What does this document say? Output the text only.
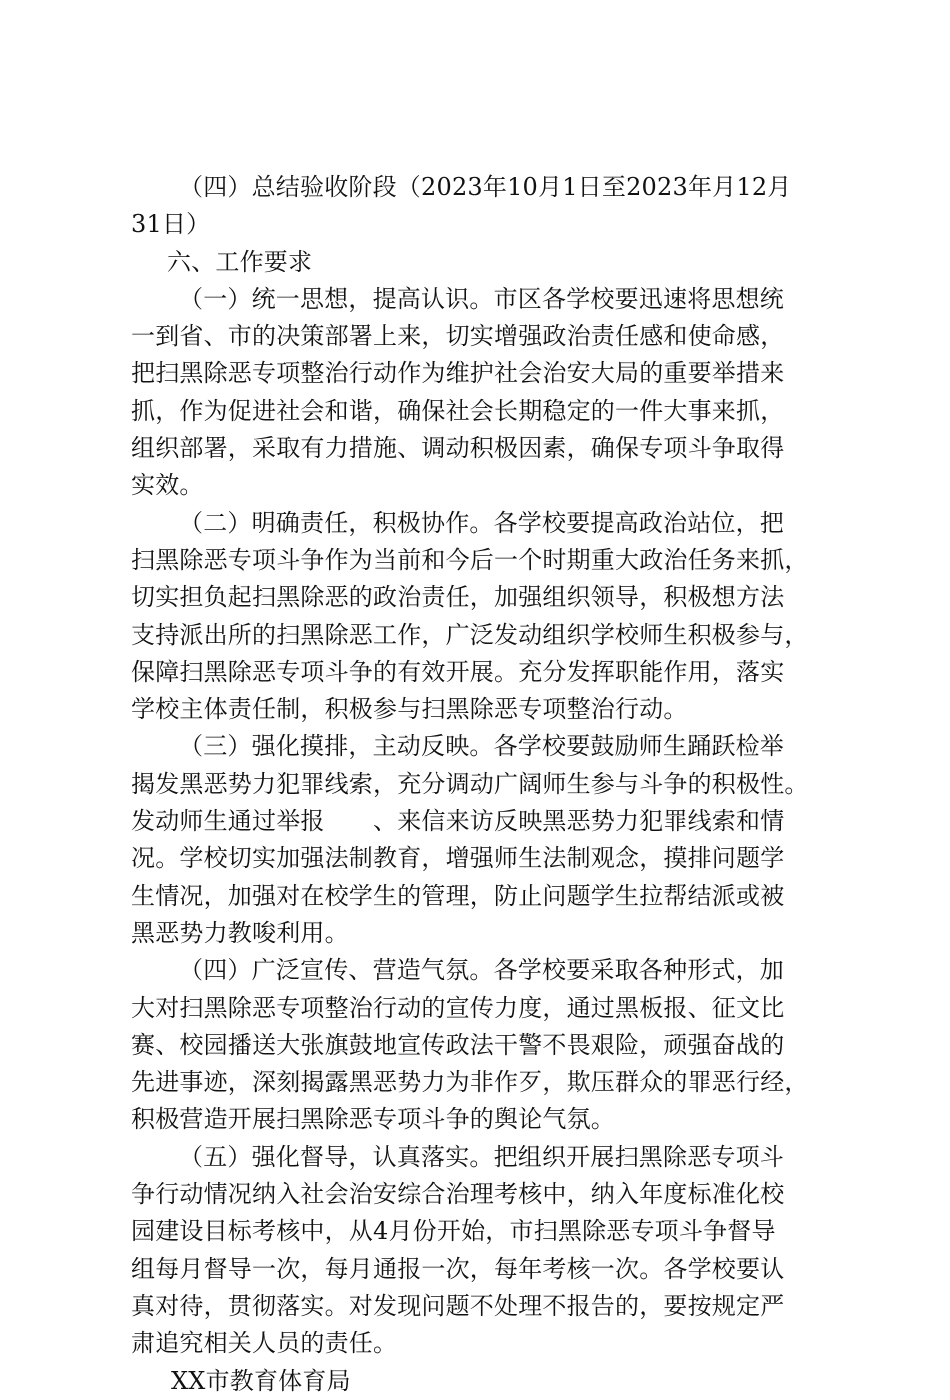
（四）总结验收阶段（2023年10月1日至2023年月12月
31日）
六、工作要求
（一）统一思想，提高认识。市区各学校要迅速将思想统
一到省、市的决策部署上来，切实增强政治责任感和使命感，
把扫黑除恶专项整治行动作为维护社会治安大局的重要举措来
抓，作为促进社会和谐，确保社会长期稳定的一件大事来抓，
组织部署，采取有力措施、调动积极因素，确保专项斗争取得
实效。
（二）明确责任，积极协作。各学校要提高政治站位，把
扫黑除恶专项斗争作为当前和今后一个时期重大政治任务来抓，
切实担负起扫黑除恶的政治责任，加强组织领导，积极想方法
支持派出所的扫黑除恶工作，广泛发动组织学校师生积极参与，
保障扫黑除恶专项斗争的有效开展。充分发挥职能作用，落实
学校主体责任制，积极参与扫黑除恶专项整治行动。
（三）强化摸排，主动反映。各学校要鼓励师生踊跃检举
揭发黑恶势力犯罪线索，充分调动广阔师生参与斗争的积极性。
发动师生通过举报　　、来信来访反映黑恶势力犯罪线索和情
况。学校切实加强法制教育，增强师生法制观念，摸排问题学
生情况，加强对在校学生的管理，防止问题学生拉帮结派或被
黑恶势力教唆利用。
（四）广泛宣传、营造气氛。各学校要采取各种形式，加
大对扫黑除恶专项整治行动的宣传力度，通过黑板报、征文比
赛、校园播送大张旗鼓地宣传政法干警不畏艰险，顽强奋战的
先进事迹，深刻揭露黑恶势力为非作歹，欺压群众的罪恶行经，
积极营造开展扫黑除恶专项斗争的舆论气氛。
（五）强化督导，认真落实。把组织开展扫黑除恶专项斗
争行动情况纳入社会治安综合治理考核中，纳入年度标准化校
园建设目标考核中，从4月份开始，市扫黑除恶专项斗争督导
组每月督导一次，每月通报一次，每年考核一次。各学校要认
真对待，贯彻落实。对发现问题不处理不报告的，要按规定严
肃追究相关人员的责任。
XX市教育体育局
